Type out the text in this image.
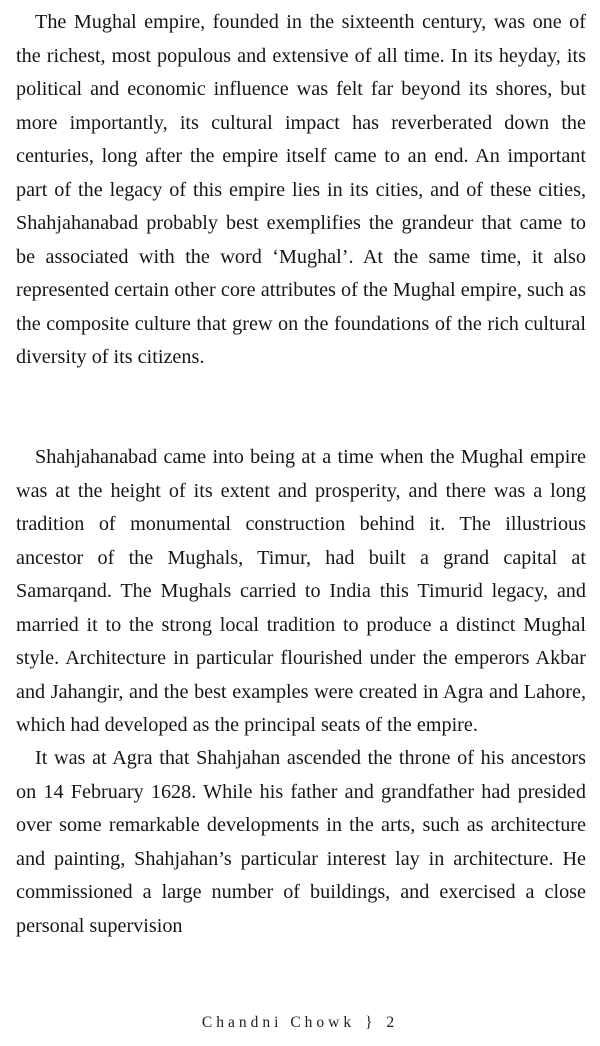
The Mughal empire, founded in the sixteenth century, was one of the richest, most populous and extensive of all time. In its heyday, its political and economic influence was felt far beyond its shores, but more importantly, its cultural impact has reverberated down the centuries, long after the empire itself came to an end. An important part of the legacy of this empire lies in its cities, and of these cities, Shahjahanabad probably best exemplifies the grandeur that came to be associated with the word ‘Mughal’. At the same time, it also represented certain other core attributes of the Mughal empire, such as the composite culture that grew on the foundations of the rich cultural diversity of its citizens.

Shahjahanabad came into being at a time when the Mughal empire was at the height of its extent and prosperity, and there was a long tradition of monumental construction behind it. The illustrious ancestor of the Mughals, Timur, had built a grand capital at Samarqand. The Mughals carried to India this Timurid legacy, and married it to the strong local tradition to produce a distinct Mughal style. Architecture in particular flourished under the emperors Akbar and Jahangir, and the best examples were created in Agra and Lahore, which had developed as the principal seats of the empire.

It was at Agra that Shahjahan ascended the throne of his ancestors on 14 February 1628. While his father and grandfather had presided over some remarkable developments in the arts, such as architecture and painting, Shahjahan’s particular interest lay in architecture. He commissioned a large number of buildings, and exercised a close personal supervision

Chandni Chowk } 2
